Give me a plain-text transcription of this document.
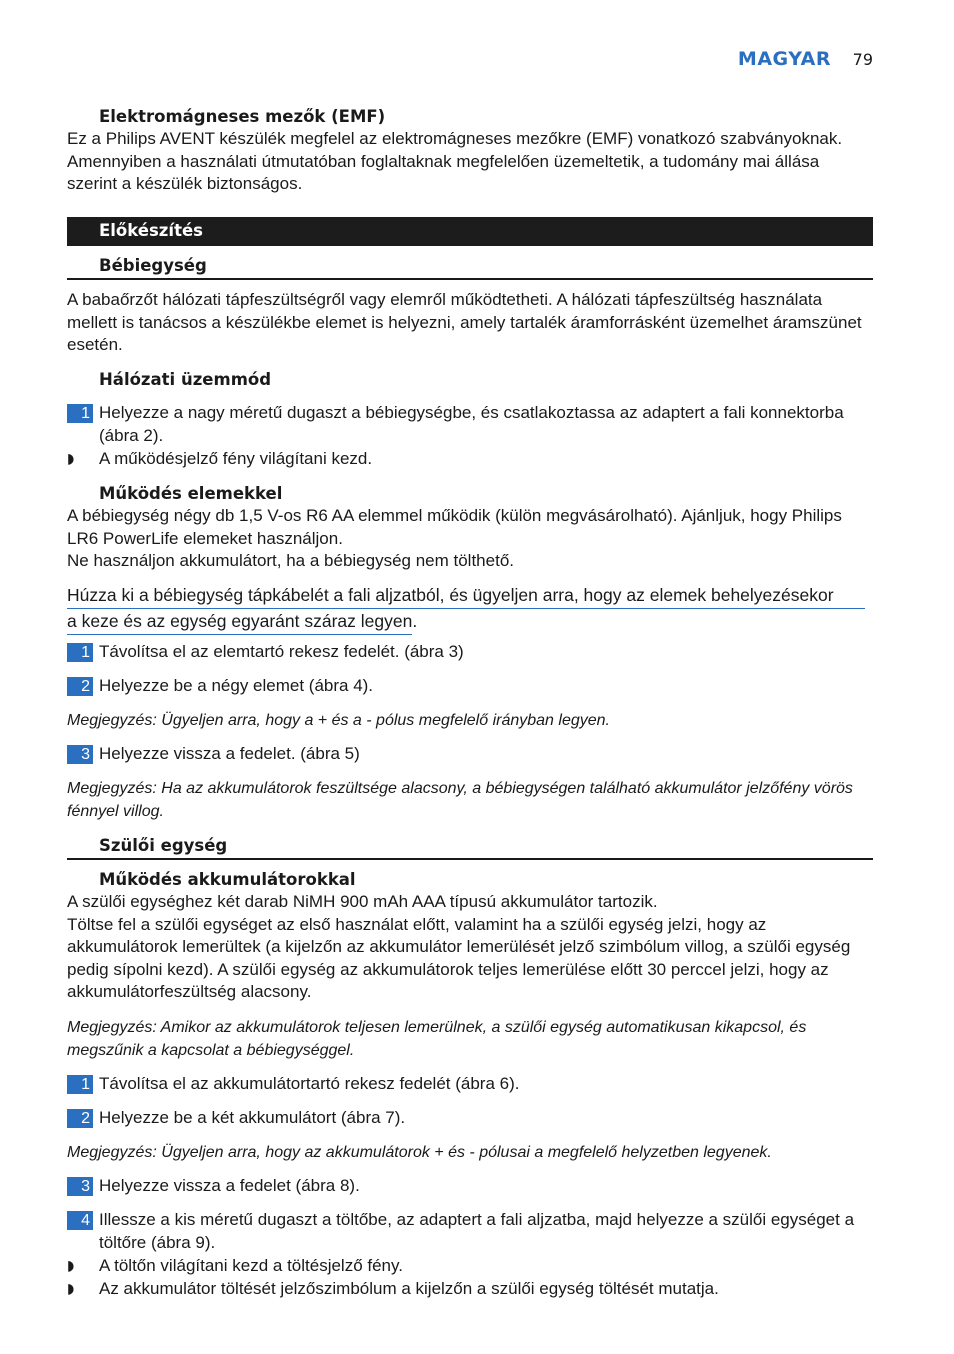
MAGYAR 79

Elektromágneses mezők (EMF)

Ez a Philips AVENT készülék megfelel az elektromágneses mezőkre (EMF) vonatkozó szabványoknak. Amennyiben a használati útmutatóban foglaltaknak megfelelően üzemeltetik, a tudomány mai állása szerint a készülék biztonságos.

Előkészítés

Bébiegység

A babaőrzőt hálózati tápfeszültségről vagy elemről működtetheti. A hálózati tápfeszültség használata mellett is tanácsos a készülékbe elemet is helyezni, amely tartalék áramforrásként üzemelhet áramszünet esetén.

Hálózati üzemmód

1 Helyezze a nagy méretű dugaszt a bébiegységbe, és csatlakoztassa az adaptert a fali konnektorba (ábra 2).
◗ A működésjelző fény világítani kezd.

Működés elemekkel

A bébiegység négy db 1,5 V-os R6 AA elemmel működik (külön megvásárolható). Ajánljuk, hogy Philips LR6 PowerLife elemeket használjon.

Ne használjon akkumulátort, ha a bébiegység nem tölthető.

Húzza ki a bébiegység tápkábelét a fali aljzatból, és ügyeljen arra, hogy az elemek behelyezésekor
a keze és az egység egyaránt száraz legyen.
1 Távolítsa el az elemtartó rekesz fedelét. (ábra 3)
2 Helyezze be a négy elemet (ábra 4).

Megjegyzés: Ügyeljen arra, hogy a + és a - pólus megfelelő irányban legyen.

3 Helyezze vissza a fedelet. (ábra 5)

Megjegyzés: Ha az akkumulátorok feszültsége alacsony, a bébiegységen található akkumulátor jelzőfény vörös fénnyel villog.

Szülői egység

Működés akkumulátorokkal

A szülői egységhez két darab NiMH 900 mAh AAA típusú akkumulátor tartozik.

Töltse fel a szülői egységet az első használat előtt, valamint ha a szülői egység jelzi, hogy az akkumulátorok lemerültek (a kijelzőn az akkumulátor lemerülését jelző szimbólum villog, a szülői egység pedig sípolni kezd). A szülői egység az akkumulátorok teljes lemerülése előtt 30 perccel jelzi, hogy az akkumulátorfeszültség alacsony.

Megjegyzés: Amikor az akkumulátorok teljesen lemerülnek, a szülői egység automatikusan kikapcsol, és megszűnik a kapcsolat a bébiegységgel.

1 Távolítsa el az akkumulátortartó rekesz fedelét (ábra 6).
2 Helyezze be a két akkumulátort (ábra 7).

Megjegyzés: Ügyeljen arra, hogy az akkumulátorok + és - pólusai a megfelelő helyzetben legyenek.

3 Helyezze vissza a fedelet (ábra 8).
4 Illessze a kis méretű dugaszt a töltőbe, az adaptert a fali aljzatba, majd helyezze a szülői egységet a töltőre (ábra 9).
◗ A töltőn világítani kezd a töltésjelző fény.
◗ Az akkumulátor töltését jelzőszimbólum a kijelzőn a szülői egység töltését mutatja.
